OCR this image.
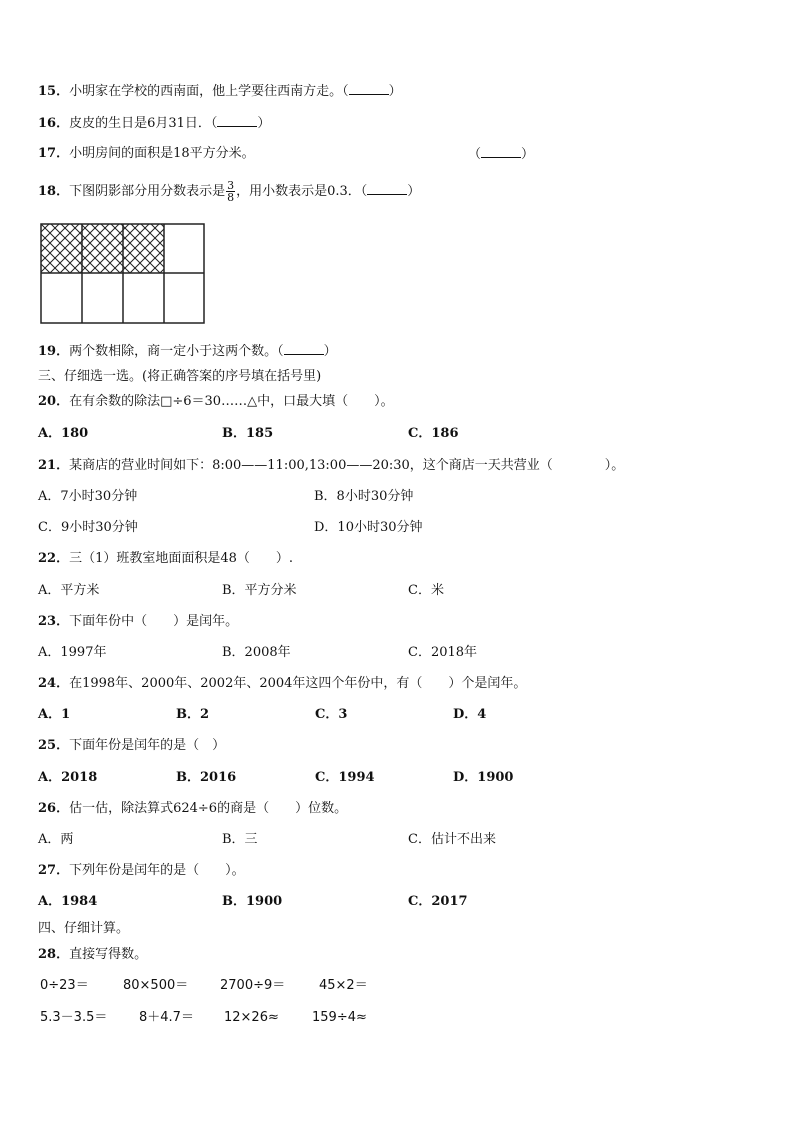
15．小明家在学校的西南面，他上学要往西南方走。（	）
16．皮皮的生日是6月31日．（	）
17．小明房间的面积是18平方分米。	（	）
18．下图阴影部分用分数表示是 $\frac{3}{8}$ ，用小数表示是0.3．（	）
19．两个数相除，商一定小于这两个数。（	）
三、仔细选一选。(将正确答案的序号填在括号里)
20．在有余数的除法□÷6＝30……△中，口最大填（　　）。
A．180	B．185	C．186
21．某商店的营业时间如下：8:00——11:00,13:00——20:30，这个商店一天共营业（　　　　）。
A．7小时30分钟	B．8小时30分钟
C．9小时30分钟	D．10小时30分钟
22．三（1）班教室地面面积是48（　　）.
A．平方米	B．平方分米	C．米
23．下面年份中（　　）是闰年。
A．1997年	B．2008年	C．2018年
24．在1998年、2000年、2002年、2004年这四个年份中，有（　　）个是闰年。
A．1	B．2	C．3	D．4
25．下面年份是闰年的是（　）
A．2018	B．2016	C．1994	D．1900
26．估一估，除法算式624÷6的商是（　　）位数。
A．两	B．三	C．估计不出来
27．下列年份是闰年的是（　　）。
A．1984	B．1900	C．2017
四、仔细计算。
28．直接写得数。
0÷23＝	80×500＝ 2700÷9＝	45×2＝
5.3－3.5＝ 8＋4.7＝ 12×26≈	159÷4≈
